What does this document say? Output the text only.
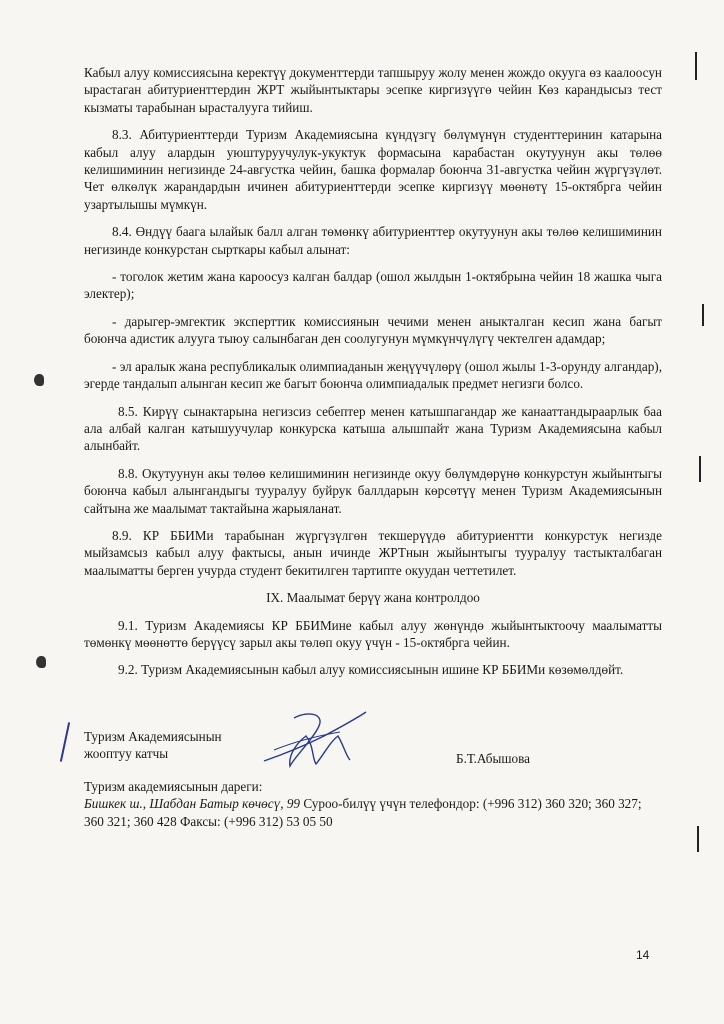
Кабыл алуу комиссиясына керектүү документтерди тапшыруу жолу менен жождо окууга өз каалоосун ырастаган абитуриенттердин ЖРТ жыйынтыктары эсепке киргизүүгө чейин Көз карандысыз тест кызматы тарабынан ырасталууга тийиш.

8.3. Абитуриенттерди Туризм Академиясына күндүзгү бөлүмүнүн студенттеринин катарына кабыл алуу алардын уюштуруучулук-укуктук формасына карабастан окутуунун акы төлөө келишиминин негизинде 24-августка чейин, башка формалар боюнча 31-августка чейин жүргүзүлөт. Чет өлкөлүк жарандардын ичинен абитуриенттерди эсепке киргизүү мөөнөтү 15-октябрга чейин узартылышы мүмкүн.

8.4. Өндүү баага ылайык балл алган төмөнкү абитуриенттер окутуунун акы төлөө келишиминин негизинде конкурстан сырткары кабыл алынат:

- тоголок жетим жана кароосуз калган балдар (ошол жылдын 1-октябрына чейин 18 жашка чыга электер);

- дарыгер-эмгектик эксперттик комиссиянын чечими менен аныкталган кесип жана багыт боюнча адистик алууга тыюу салынбаган ден соолугунун мүмкүнчүлүгү чектелген адамдар;

- эл аралык жана республикалык олимпиаданын жеңүүчүлөрү (ошол жылы 1-3-орунду алгандар), эгерде тандалып алынган кесип же багыт боюнча олимпиадалык предмет негизги болсо.

8.5. Кирүү сынактарына негизсиз себептер менен катышпагандар же канааттандыраарлык баа ала албай калган катышуучулар конкурска катыша алышпайт жана Туризм Академиясына кабыл алынбайт.

8.8. Окутуунун акы төлөө келишиминин негизинде окуу бөлүмдөрүнө конкурстун жыйынтыгы боюнча кабыл алынгандыгы тууралуу буйрук баллдарын көрсөтүү менен Туризм Академиясынын сайтына же маалымат тактайына жарыяланат.

8.9. КР ББИМи тарабынан жүргүзүлгөн текшерүүдө абитуриентти конкурстук негизде мыйзамсыз кабыл алуу фактысы, анын ичинде ЖРТнын жыйынтыгы тууралуу тастыкталбаган маалыматты берген учурда студент бекитилген тартипте окуудан четтетилет.

IX. Маалымат берүү жана контролдоо

9.1. Туризм Академиясы КР ББИМине кабыл алуу жөнүндө жыйынтыктоочу маалыматты төмөнкү мөөнөттө берүүсү зарыл акы төлөп окуу үчүн - 15-октябрга чейин.

9.2. Туризм Академиясынын кабыл алуу комиссиясынын ишине КР ББИМи көзөмөлдөйт.

Туризм Академиясынын
жооптуу катчы	Б.Т.Абышова
Туризм академиясынын дареги:
Бишкек ш., Шабдан Батыр көчөсү, 99 Суроо-билүү үчүн телефондор: (+996 312) 360 320; 360 327; 360 321; 360 428 Факсы: (+996 312) 53 05 50
14
